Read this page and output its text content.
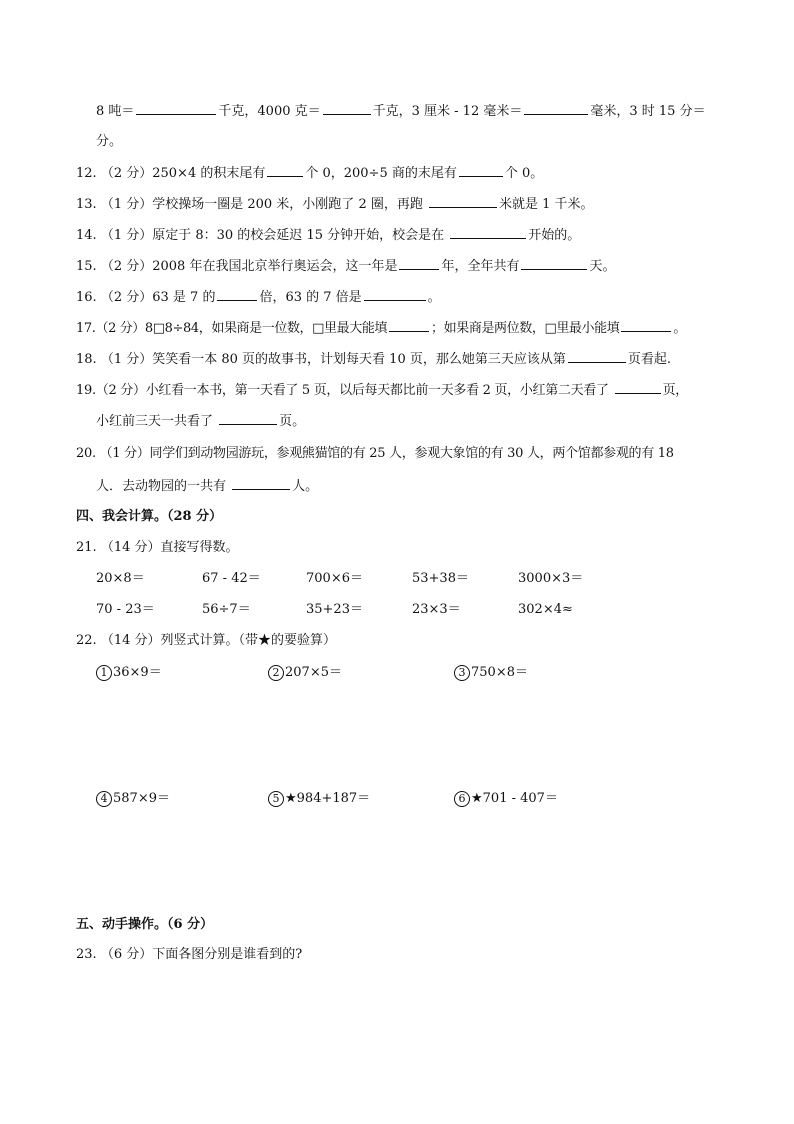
8 吨＝	千克，4000 克＝	千克，3 厘米 - 12 毫米＝	毫米，3 时 15 分＝
分。
12. （2 分）250×4 的积末尾有	个 0，200÷5 商的末尾有	个 0。
13. （1 分）学校操场一圈是 200 米，小刚跑了 2 圈，再跑	米就是 1 千米。
14. （1 分）原定于 8：30 的校会延迟 15 分钟开始，校会是在	开始的。
15. （2 分）2008 年在我国北京举行奥运会，这一年是	年，全年共有	天。
16. （2 分）63 是 7 的	倍，63 的 7 倍是	。
17.（2 分）8□8÷84，如果商是一位数，□里最大能填	；如果商是两位数，□里最小能填	。
18. （1 分）笑笑看一本 80 页的故事书，计划每天看 10 页，那么她第三天应该从第	页看起.
19.（2 分）小红看一本书，第一天看了 5 页，以后每天都比前一天多看 2 页，小红第二天看了	页，
小红前三天一共看了	页。
20. （1 分）同学们到动物园游玩，参观熊猫馆的有 25 人，参观大象馆的有 30 人，两个馆都参观的有 18
人．去动物园的一共有	人。
四、我会计算。（28 分）
21. （14 分）直接写得数。
20×8＝	67 - 42＝	700×6＝	53+38＝	3000×3＝
70 - 23＝	56÷7＝	35+23＝	23×3＝	302×4≈
22. （14 分）列竖式计算。（带★的要验算）
1 36×9＝	2 207×5＝	3 750×8＝
4 587×9＝	5 ★984+187＝	6 ★701 - 407＝
五、动手操作。（6 分）
23. （6 分）下面各图分别是谁看到的?
